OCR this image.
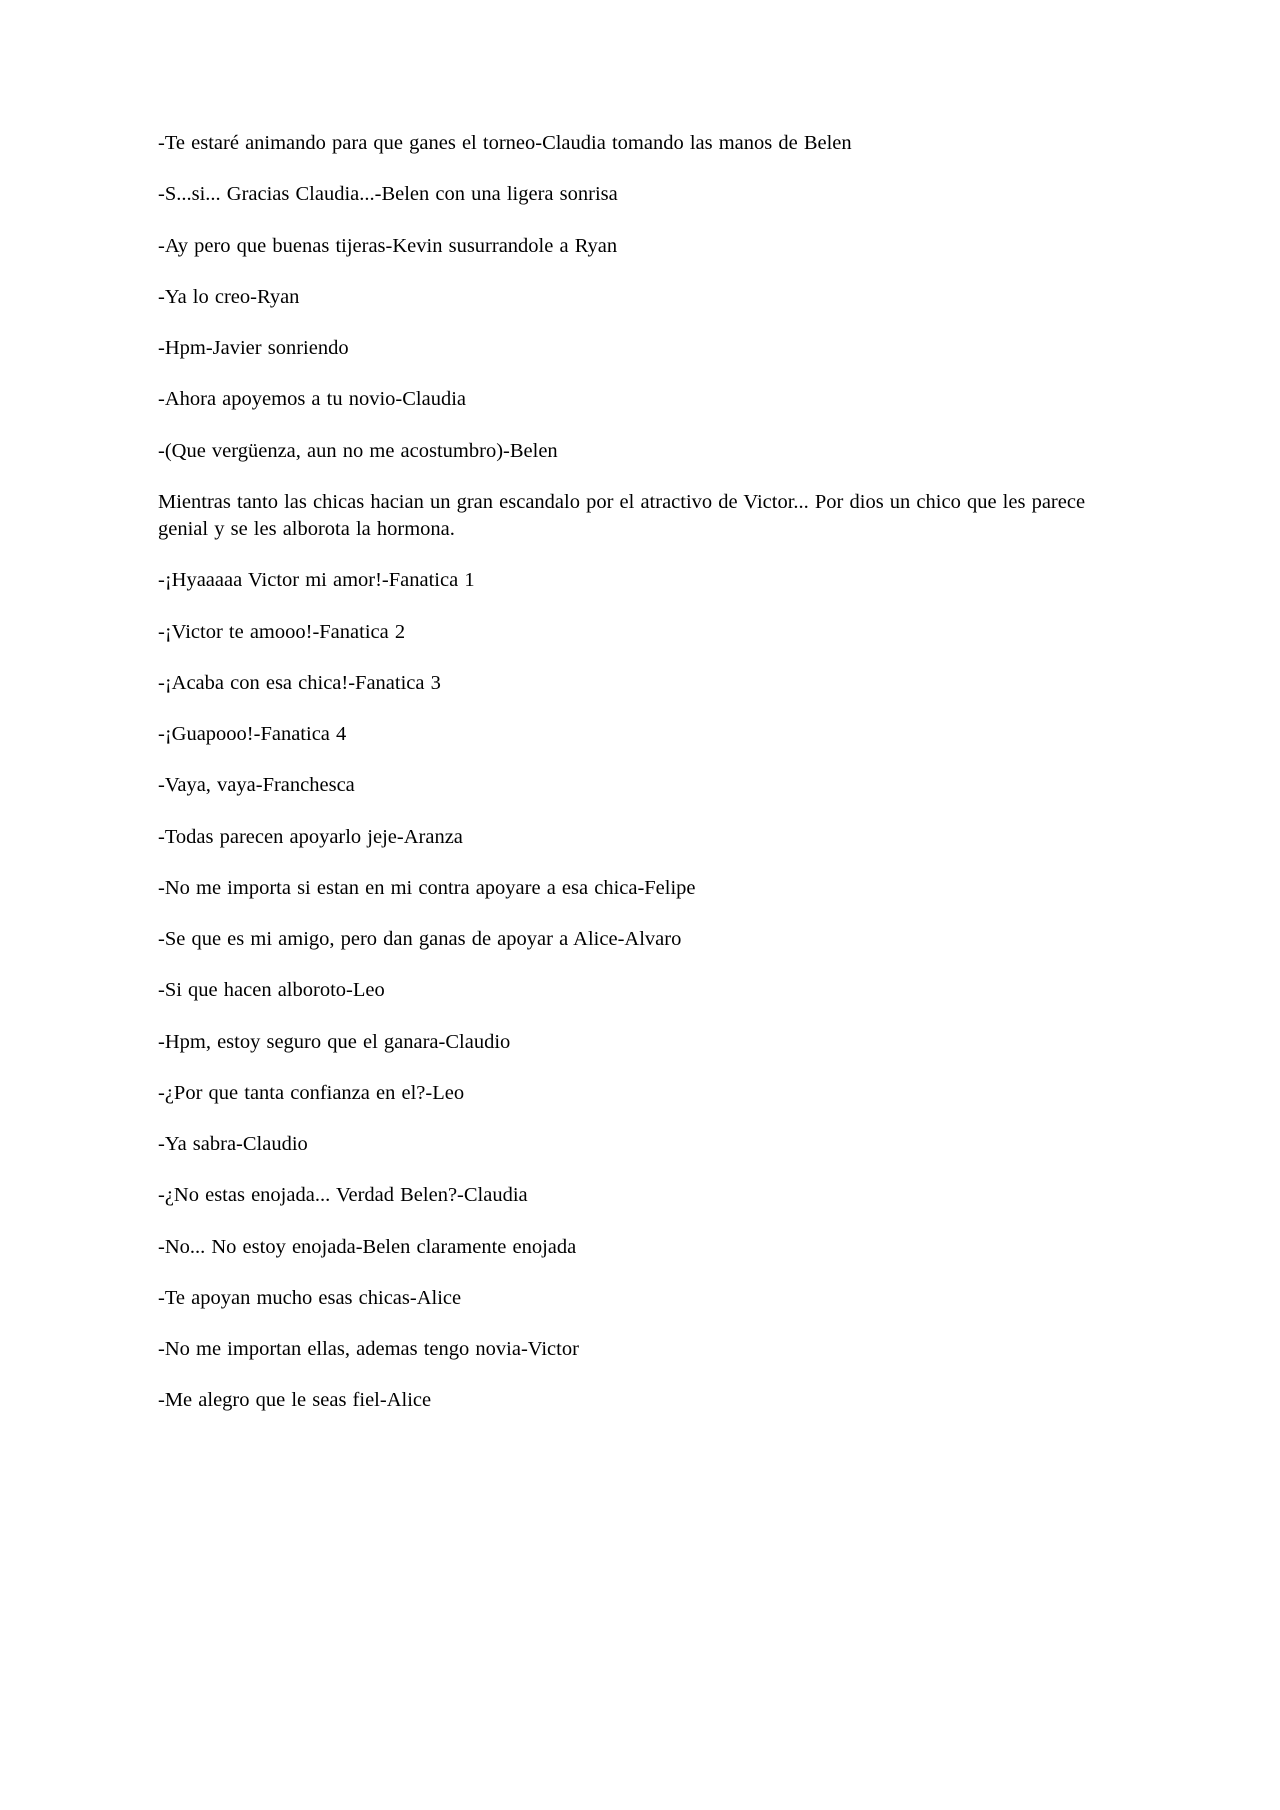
-Te estaré animando para que ganes el torneo-Claudia tomando las manos de Belen

-S...si... Gracias Claudia...-Belen con una ligera sonrisa

-Ay pero que buenas tijeras-Kevin susurrandole a Ryan

-Ya lo creo-Ryan

-Hpm-Javier sonriendo

-Ahora apoyemos a tu novio-Claudia

-(Que vergüenza, aun no me acostumbro)-Belen

Mientras tanto las chicas hacian un gran escandalo por el atractivo de Victor... Por dios un chico que les parece genial y se les alborota la hormona.

-¡Hyaaaaa Victor mi amor!-Fanatica 1

-¡Victor te amooo!-Fanatica 2

-¡Acaba con esa chica!-Fanatica 3

-¡Guapooo!-Fanatica 4

-Vaya, vaya-Franchesca

-Todas parecen apoyarlo jeje-Aranza

-No me importa si estan en mi contra apoyare a esa chica-Felipe

-Se que es mi amigo, pero dan ganas de apoyar a Alice-Alvaro

-Si que hacen alboroto-Leo

-Hpm, estoy seguro que el ganara-Claudio

-¿Por que tanta confianza en el?-Leo

-Ya sabra-Claudio

-¿No estas enojada... Verdad Belen?-Claudia

-No... No estoy enojada-Belen claramente enojada

-Te apoyan mucho esas chicas-Alice

-No me importan ellas, ademas tengo novia-Victor

-Me alegro que le seas fiel-Alice
